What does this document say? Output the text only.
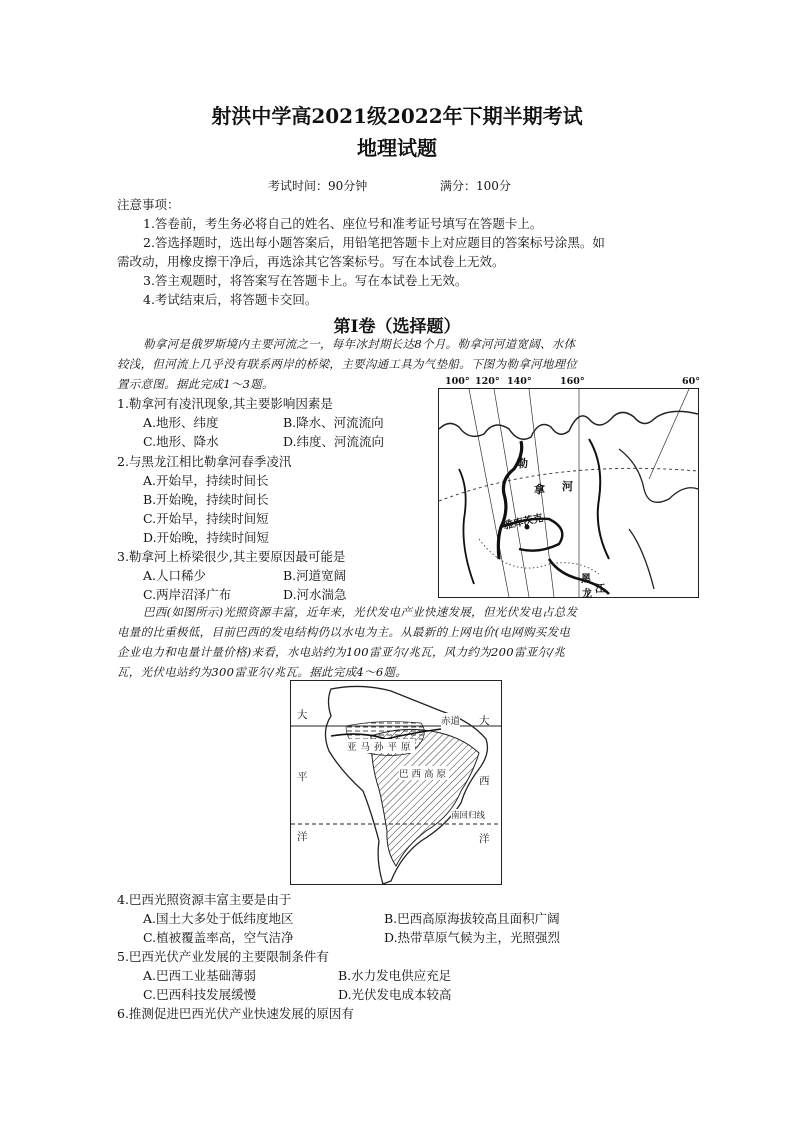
射洪中学高2021级2022年下期半期考试
地理试题
考试时间：90分钟	满分：100分
注意事项：
1.答卷前，考生务必将自己的姓名、座位号和准考证号填写在答题卡上。
2.答选择题时，选出每小题答案后，用铅笔把答题卡上对应题目的答案标号涂黑。如
需改动，用橡皮擦干净后，再选涂其它答案标号。写在本试卷上无效。
3.答主观题时，将答案写在答题卡上。写在本试卷上无效。
4.考试结束后，将答题卡交回。
第Ⅰ卷（选择题）
勒拿河是俄罗斯境内主要河流之一，每年冰封期长达8个月。勒拿河河道宽阔、水体
较浅，但河流上几乎没有联系两岸的桥梁，主要沟通工具为气垫船。下图为勒拿河地理位
置示意图。据此完成1～3题。
1.勒拿河有凌汛现象,其主要影响因素是
A.地形、纬度	B.降水、河流流向
C.地形、降水	D.纬度、河流流向
2.与黑龙江相比勒拿河春季凌汛
A.开始早，持续时间长
B.开始晚，持续时间长
C.开始早，持续时间短
D.开始晚，持续时间短
3.勒拿河上桥梁很少,其主要原因最可能是
A.人口稀少	B.河道宽阔
C.两岸沼泽广布	D.河水湍急
100° 120° 140°	160°	60°
勒
拿 河
雅库茨克
黑
龙 江
巴西(如图所示)光照资源丰富，近年来，光伏发电产业快速发展，但光伏发电占总发
电量的比重极低，目前巴西的发电结构仍以水电为主。从最新的上网电价(电网购买发电
企业电力和电量计量价格)来看，水电站约为100雷亚尔/兆瓦，风力约为200雷亚尔/兆
瓦，光伏电站约为300雷亚尔/兆瓦。据此完成4～6题。
大
赤道 大
亚马孙平原
巴西高原
平	西
南回归线
洋	洋
4.巴西光照资源丰富主要是由于
A.国土大多处于低纬度地区	B.巴西高原海拔较高且面积广阔
C.植被覆盖率高，空气洁净	D.热带草原气候为主，光照强烈
5.巴西光伏产业发展的主要限制条件有
A.巴西工业基础薄弱	B.水力发电供应充足
C.巴西科技发展缓慢	D.光伏发电成本较高
6.推测促进巴西光伏产业快速发展的原因有
